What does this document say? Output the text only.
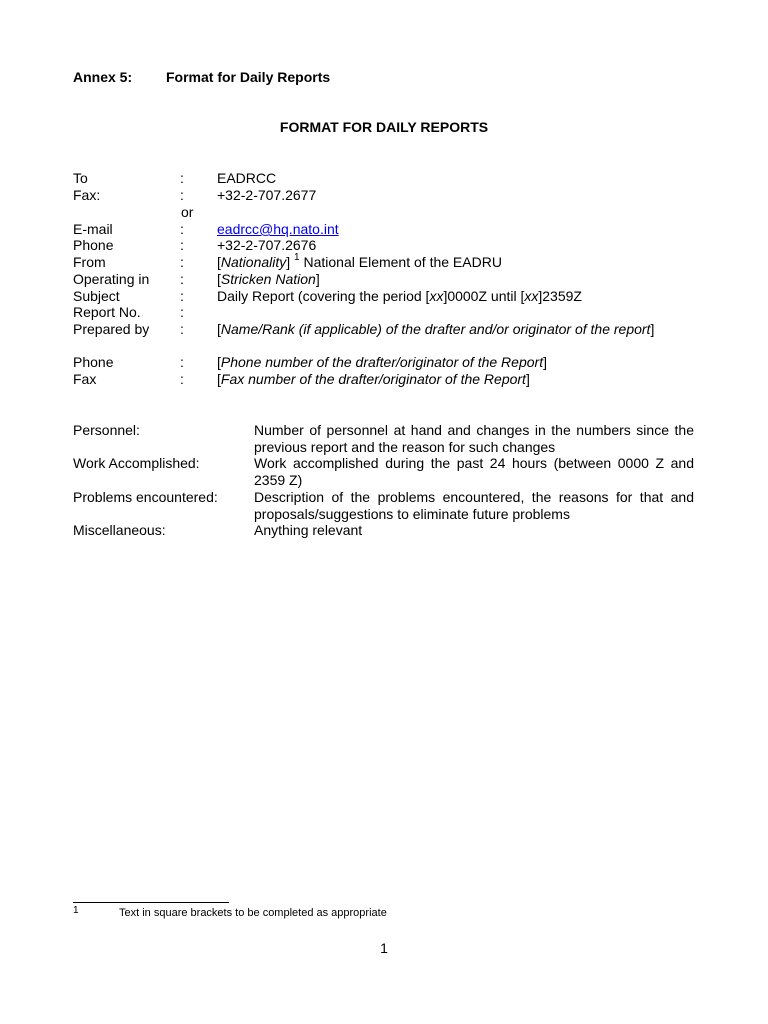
Annex 5: Format for Daily Reports
FORMAT FOR DAILY REPORTS
To	: EADRCC
Fax:	: +32-2-707.2677
or
E-mail	: eadrcc@hq.nato.int
Phone	: +32-2-707.2676
From	: [Nationality] $^1$ National Element of the EADRU
Operating in : [Stricken Nation]
Subject	: Daily Report (covering the period [xx]0000Z until [xx]2359Z
Report No.	:
Prepared by : [Name/Rank (if applicable) of the drafter and/or originator of the report]
Phone	: [Phone number of the drafter/originator of the Report]
Fax	: [Fax number of the drafter/originator of the Report]
Personnel:	Number of personnel at hand and changes in the numbers since the previous report and the reason for such changes
Work Accomplished:	Work accomplished during the past 24 hours (between 0000 Z and 2359 Z)
Problems encountered:	Description of the problems encountered, the reasons for that and proposals/suggestions to eliminate future problems
Miscellaneous:	Anything relevant
1	Text in square brackets to be completed as appropriate
1
